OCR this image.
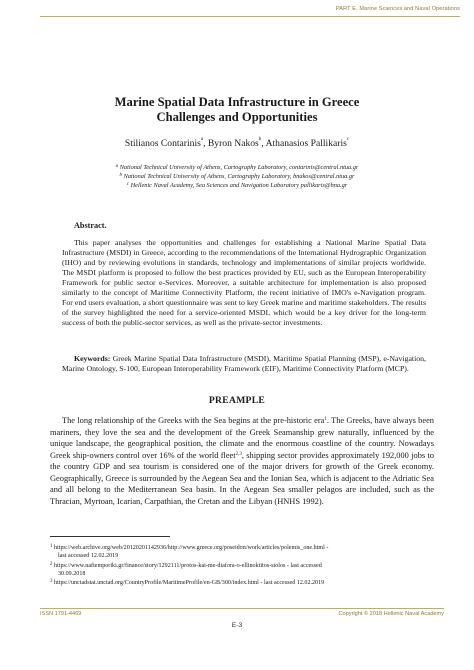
PART E. Marine Sciences and Naval Operations
Marine Spatial Data Infrastructure in Greece
Challenges and Opportunities
Stilianos Contarinis$^a$, Byron Nakos$^b$, Athanasios Pallikaris$^c$
$^a$ National Technical University of Athens, Cartography Laboratory, contarinis@central.ntua.gr
$^b$ National Technical University of Athens, Cartography Laboratory, bnakos@central.ntua.gr
$^c$ Hellenic Naval Academy, Sea Sciences and Navigation Laboratory pallikaris@hna.gr
Abstract.

This paper analyses the opportunities and challenges for establishing a National Marine Spatial Data Infrastructure (MSDI) in Greece, according to the recommendations of the International Hydrographic Organization (IHO) and by reviewing evolutions in standards, technology and implementations of similar projects worldwide. The MSDI platform is proposed to follow the best practices provided by EU, such as the European Interoperability Framework for public sector e-Services. Moreover, a suitable architecture for implementation is also proposed similarly to the concept of Maritime Connectivity Platform, the recent initiative of IMO's e-Navigation program. For end users evaluation, a short questionnaire was sent to key Greek marine and maritime stakeholders. The results of the survey highlighted the need for a service-oriented MSDI, which would be a key driver for the long-term success of both the public-sector services, as well as the private-sector investments.

Keywords: Greek Marine Spatial Data Infrastructure (MSDI), Maritime Spatial Planning (MSP), e-Navigation, Marine Ontology, S-100, European Interoperability Framework (EIF), Maritime Connectivity Platform (MCP).

PREAMPLE

The long relationship of the Greeks with the Sea begins at the pre-historic era$^1$. The Greeks, have always been mariners, they love the sea and the development of the Greek Seamanship grew naturally, influenced by the unique landscape, the geographical position, the climate and the enormous coastline of the country. Nowadays Greek ship-owners control over 16% of the world fleet$^{2,3}$, shipping sector provides approximately 192,000 jobs to the country GDP and sea tourism is considered one of the major drivers for growth of the Greek economy. Geographically, Greece is surrounded by the Aegean Sea and the Ionian Sea, which is adjacent to the Adriatic Sea and all belong to the Mediterranean Sea basin. In the Aegean Sea smaller pelagos are included, such as the Thracian, Myrtoan, Icarian, Carpathian, the Cretan and the Libyan (HNHS 1992).

$^1$ https://web.archive.org/web/20120201142936/http://www.greece.org/poseidon/work/articles/polemis_one.html -
last accessed 12.02.2019
$^2$ https://www.naftemporiki.gr/finance/story/1292111/protos-kai-me-diafora-o-ellinoktitos-stolos - last accessed
30.09.2018
$^3$ https://unctadstat.unctad.org/CountryProfile/MaritimeProfile/en-GB/300/index.html - last accessed 12.02.2019
ISSN 1791-4469	Copyright © 2018 Hellenic Naval Academy
E-3
